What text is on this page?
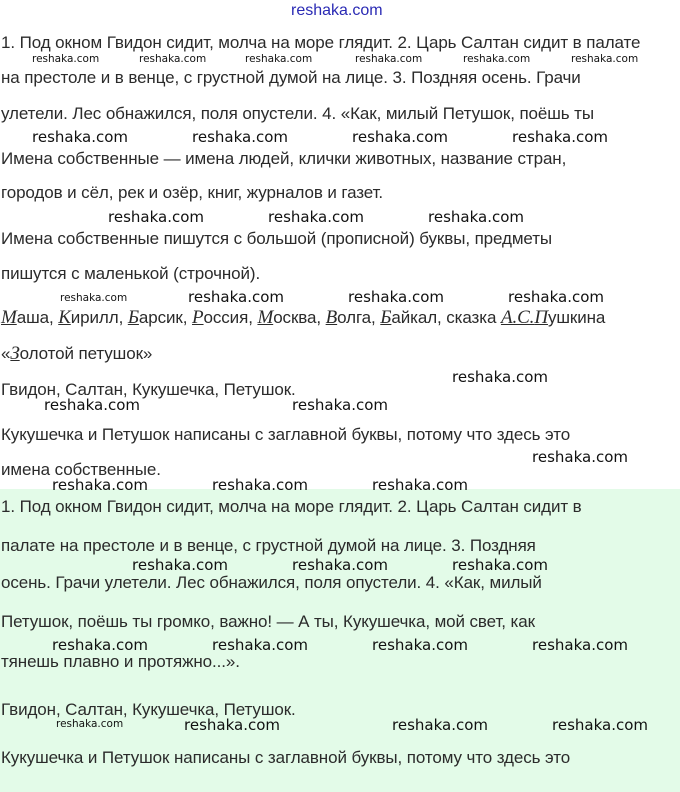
reshaka.com
1. Под окном Гвидон сидит, молча на море глядит. 2. Царь Салтан сидит в палате
на престоле и в венце, с грустной думой на лице. 3. Поздняя осень. Грачи
улетели. Лес обнажился, поля опустели. 4. «Как, милый Петушок, поёшь ты
Имена собственные — имена людей, клички животных, название стран,
городов и сёл, рек и озёр, книг, журналов и газет.
Имена собственные пишутся с большой (прописной) буквы, предметы
пишутся с маленькой (строчной).
Маша, Кирилл, Барсик, Россия, Москва, Волга, Байкал, сказка А.С.Пушкина
«Золотой петушок»
Гвидон, Салтан, Кукушечка, Петушок.
Кукушечка и Петушок написаны с заглавной буквы, потому что здесь это
имена собственные.
1. Под окном Гвидон сидит, молча на море глядит. 2. Царь Салтан сидит в
палате на престоле и в венце, с грустной думой на лице. 3. Поздняя
осень. Грачи улетели. Лес обнажился, поля опустели. 4. «Как, милый
Петушок, поёшь ты громко, важно! — А ты, Кукушечка, мой свет, как
тянешь плавно и протяжно...».
Гвидон, Салтан, Кукушечка, Петушок.
Кукушечка и Петушок написаны с заглавной буквы, потому что здесь это
reshaka.com	reshaka.com	reshaka.com	reshaka.com	reshaka.com	reshaka.com
reshaka.com	reshaka.com	reshaka.com	reshaka.com
reshaka.com	reshaka.com	reshaka.com
reshaka.com	reshaka.com	reshaka.com	reshaka.com
reshaka.com
reshaka.com	reshaka.com
reshaka.com
reshaka.com	reshaka.com	reshaka.com
reshaka.com	reshaka.com	reshaka.com
reshaka.com	reshaka.com	reshaka.com	reshaka.com
reshaka.com	reshaka.com	reshaka.com	reshaka.com
